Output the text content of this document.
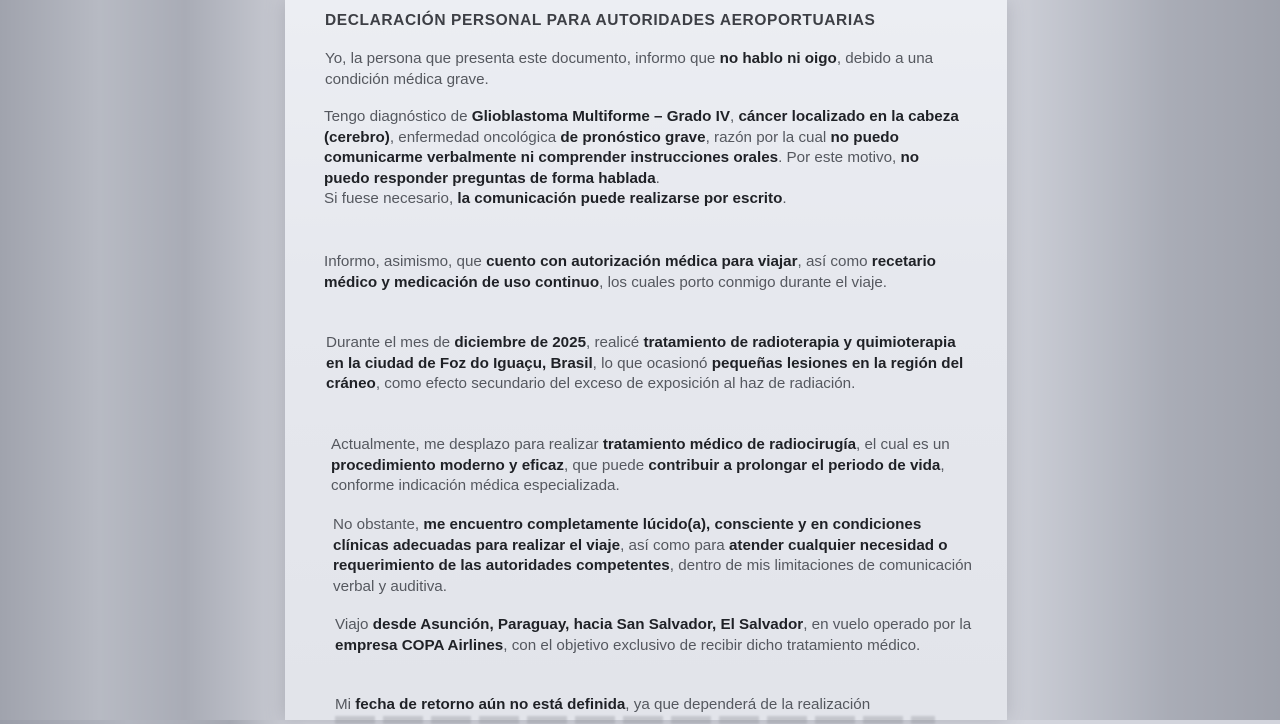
DECLARACIÓN PERSONAL PARA AUTORIDADES AEROPORTUARIAS

Yo, la persona que presenta este documento, informo que no hablo ni oigo, debido a una condición médica grave.

Tengo diagnóstico de Glioblastoma Multiforme – Grado IV, cáncer localizado en la cabeza (cerebro), enfermedad oncológica de pronóstico grave, razón por la cual no puedo comunicarme verbalmente ni comprender instrucciones orales. Por este motivo, no puedo responder preguntas de forma hablada.
Si fuese necesario, la comunicación puede realizarse por escrito.

Informo, asimismo, que cuento con autorización médica para viajar, así como recetario médico y medicación de uso continuo, los cuales porto conmigo durante el viaje.

Durante el mes de diciembre de 2025, realicé tratamiento de radioterapia y quimioterapia en la ciudad de Foz do Iguaçu, Brasil, lo que ocasionó pequeñas lesiones en la región del cráneo, como efecto secundario del exceso de exposición al haz de radiación.

Actualmente, me desplazo para realizar tratamiento médico de radiocirugía, el cual es un procedimiento moderno y eficaz, que puede contribuir a prolongar el periodo de vida, conforme indicación médica especializada.

No obstante, me encuentro completamente lúcido(a), consciente y en condiciones clínicas adecuadas para realizar el viaje, así como para atender cualquier necesidad o requerimiento de las autoridades competentes, dentro de mis limitaciones de comunicación verbal y auditiva.

Viajo desde Asunción, Paraguay, hacia San Salvador, El Salvador, en vuelo operado por la empresa COPA Airlines, con el objetivo exclusivo de recibir dicho tratamiento médico.

Mi fecha de retorno aún no está definida, ya que dependerá de la realización
